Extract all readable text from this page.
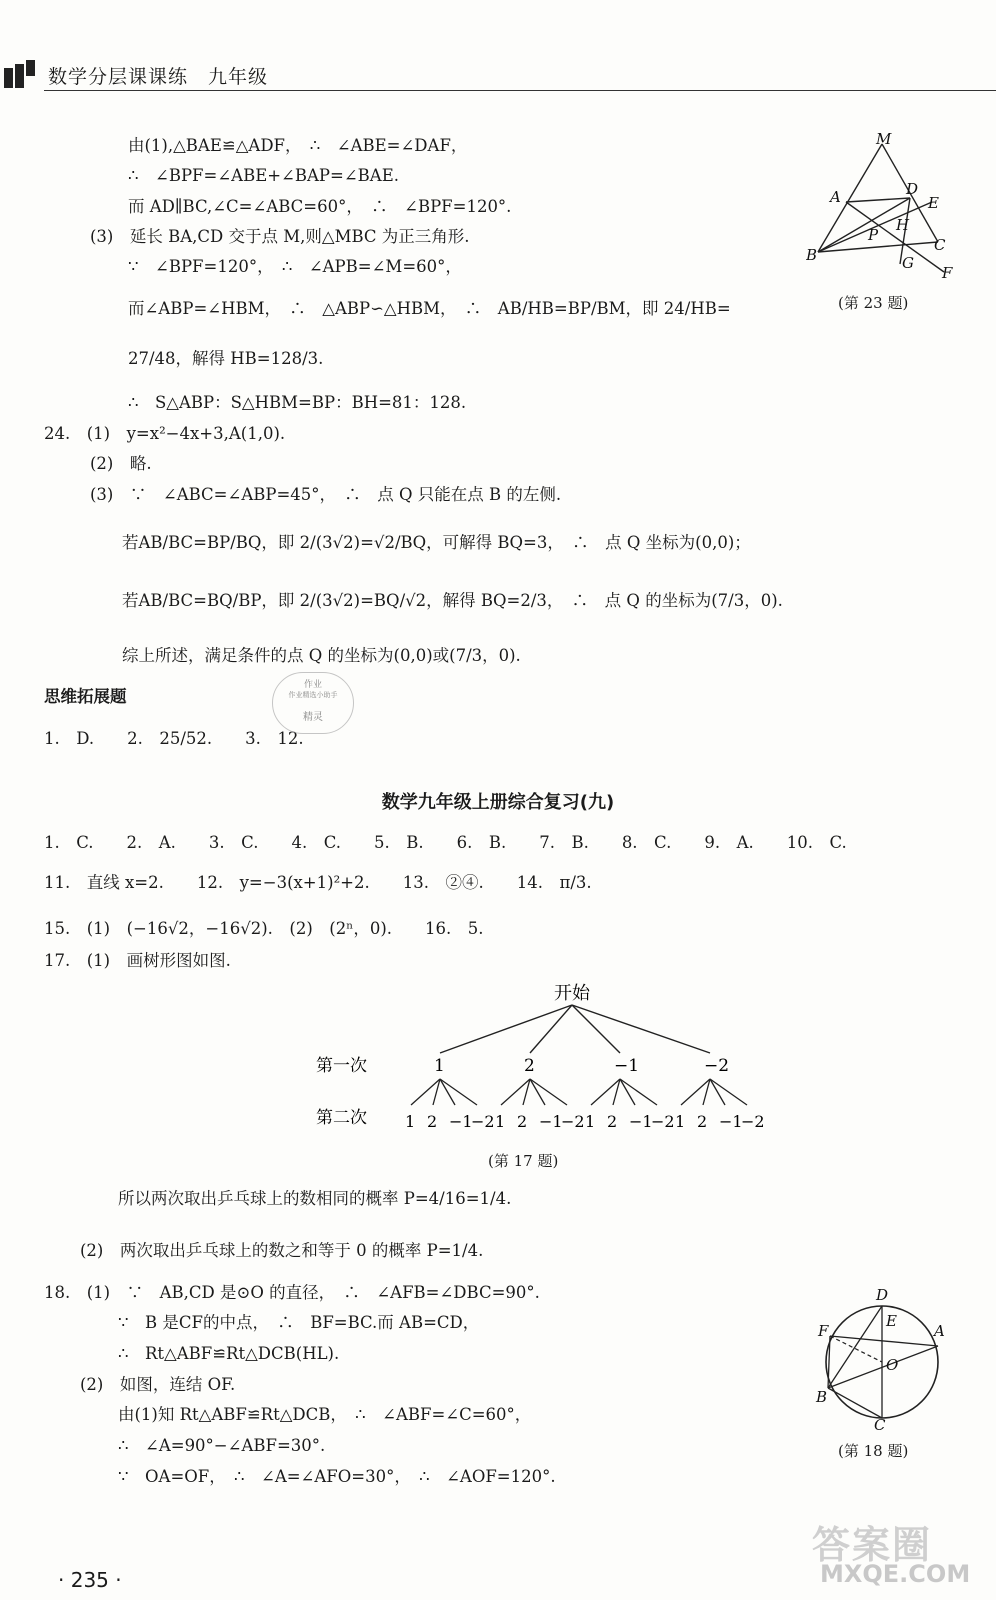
数学分层课课练　九年级
由(1),△BAE≌△ADF，　∴　∠ABE=∠DAF，
∴　∠BPF=∠ABE+∠BAP=∠BAE.
而 AD∥BC,∠C=∠ABC=60°，　∴　∠BPF=120°.
(3)　延长 BA,CD 交于点 M,则△MBC 为正三角形.
∵　∠BPF=120°，　∴　∠APB=∠M=60°，
而∠ABP=∠HBM，　∴　△ABP∽△HBM，　∴　AB/HB=BP/BM，即 24/HB=
27/48，解得 HB=128/3.
∴　S△ABP：S△HBM=BP：BH=81：128.
24.　(1)　y=x²−4x+3,A(1,0).
(2)　略.
(3)　∵　∠ABC=∠ABP=45°，　∴　点 Q 只能在点 B 的左侧.
若AB/BC=BP/BQ，即 2/(3√2)=√2/BQ，可解得 BQ=3，　∴　点 Q 坐标为(0,0)；
若AB/BC=BQ/BP，即 2/(3√2)=BQ/√2，解得 BQ=2/3，　∴　点 Q 的坐标为(7/3，0).
综上所述，满足条件的点 Q 的坐标为(0,0)或(7/3，0).
思维拓展题
1.　D.　　2.　25/52.　　3.　12.
1.　C.　　2.　A.　　3.　C.　　4.　C.　　5.　B.　　6.　B.　　7.　B.　　8.　C.　　9.　A.　　10.　C.
11.　直线 x=2.　　12.　y=−3(x+1)²+2.　　13.　②④.　　14.　π/3.
15.　(1)　(−16√2，−16√2).　(2)　(2ⁿ，0).　　16.　5.
17.　(1)　画树形图如图.
所以两次取出乒乓球上的数相同的概率 P=4/16=1/4.
(2)　两次取出乒乓球上的数之和等于 0 的概率 P=1/4.
18.　(1)　∵　AB,CD 是⊙O 的直径，　∴　∠AFB=∠DBC=90°.
∵　B 是CF的中点，　∴　BF=BC.而 AB=CD，
∴　Rt△ABF≌Rt△DCB(HL).
(2)　如图，连结 OF.
由(1)知 Rt△ABF≌Rt△DCB，　∴　∠ABF=∠C=60°，
∴　∠A=90°−∠ABF=30°.
∵　OA=OF，　∴　∠A=∠AFO=30°，　∴　∠AOF=120°.
数学九年级上册综合复习(九)
M
A	D
E
H
P
C
B	G
F
(第 23 题)
开始
第一次
第二次
1
1 2 −1
−2
2
1 2 −1
−2
−1
1 2 −1
−2
−2
1 2 −1
−2
(第 17 题)
D
E
A
F
O
B
C
(第 18 题)
作业
作业精选小助手
精灵
· 235 ·
答案圈
MXQE.COM
